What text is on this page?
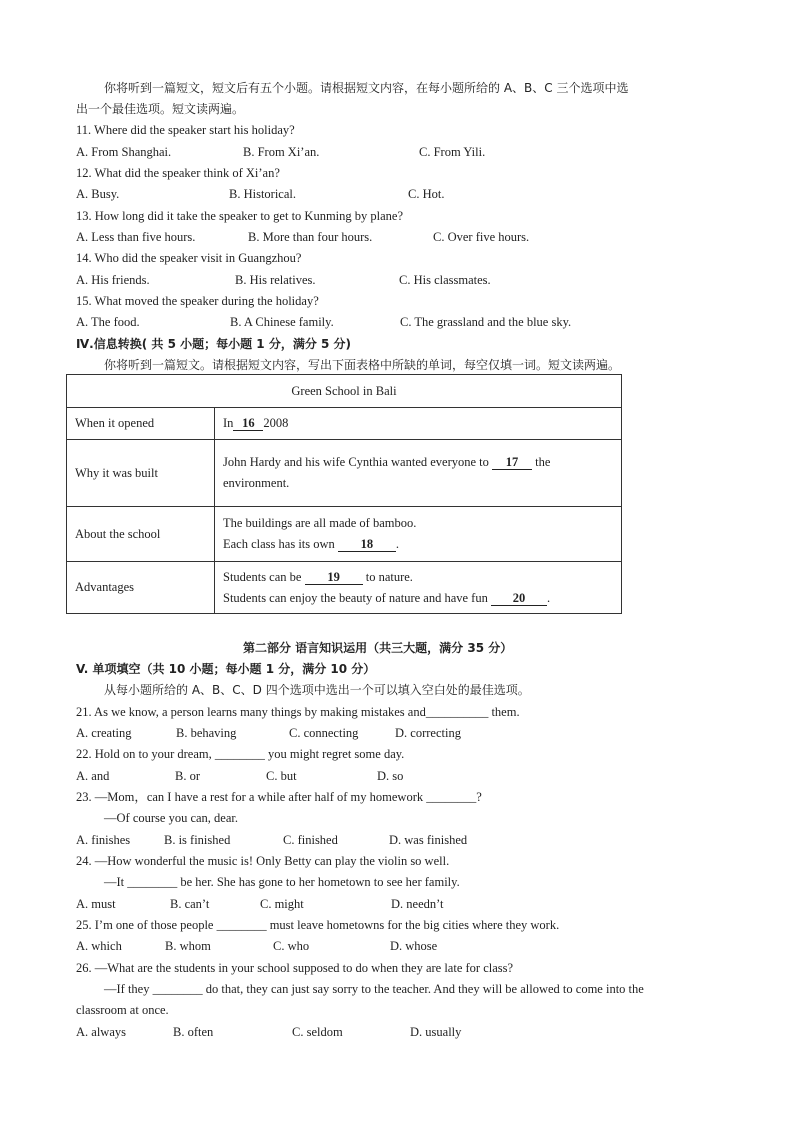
你将听到一篇短文，短文后有五个小题。请根据短文内容，在每小题所给的 A、B、C 三个选项中选
出一个最佳选项。短文读两遍。
11. Where did the speaker start his holiday?
A. From Shanghai.	B. From Xi’an.	C. From Yili.
12. What did the speaker think of Xi’an?
A. Busy.	B. Historical.	C. Hot.
13. How long did it take the speaker to get to Kunming by plane?
A. Less than five hours.	B. More than four hours.	C. Over five hours.
14. Who did the speaker visit in Guangzhou?
A. His friends.	B. His relatives.	C. His classmates.
15. What moved the speaker during the holiday?
A. The food.	B. A Chinese family.	C. The grassland and the blue sky.
Ⅳ.信息转换( 共 5 小题；每小题 1 分，满分 5 分)
你将听到一篇短文。请根据短文内容，写出下面表格中所缺的单词，每空仅填一词。短文读两遍。
Green School in Bali	
When it opened	In 16 2008
Why it was built	John Hardy and his wife Cynthia wanted everyone to 17 the
environment.

About the school	The buildings are all made of bamboo.
Each class has its own 18 .

Advantages	Students can be 19 to nature.
Students can enjoy the beauty of nature and have fun 20 .
第二部分 语言知识运用（共三大题，满分 35 分）
V. 单项填空（共 10 小题；每小题 1 分，满分 10 分）
从每小题所给的 A、B、C、D 四个选项中选出一个可以填入空白处的最佳选项。
21. As we know, a person learns many things by making mistakes and__________ them.
A. creating	B. behaving	C. connecting	D. correcting
22. Hold on to your dream, ________ you might regret some day.
A. and	B. or	C. but	D. so
23. —Mom，can I have a rest for a while after half of my homework ________?
—Of course you can, dear.
A. finishes	B. is finished	C. finished	D. was finished
24. —How wonderful the music is! Only Betty can play the violin so well.
—It ________ be her. She has gone to her hometown to see her family.
A. must	B. can’t	C. might	D. needn’t
25. I’m one of those people ________ must leave hometowns for the big cities where they work.
A. which	B. whom	C. who	D. whose
26. —What are the students in your school supposed to do when they are late for class?
—If they ________ do that, they can just say sorry to the teacher. And they will be allowed to come into the
classroom at once.
A. always	B. often	C. seldom	D. usually
